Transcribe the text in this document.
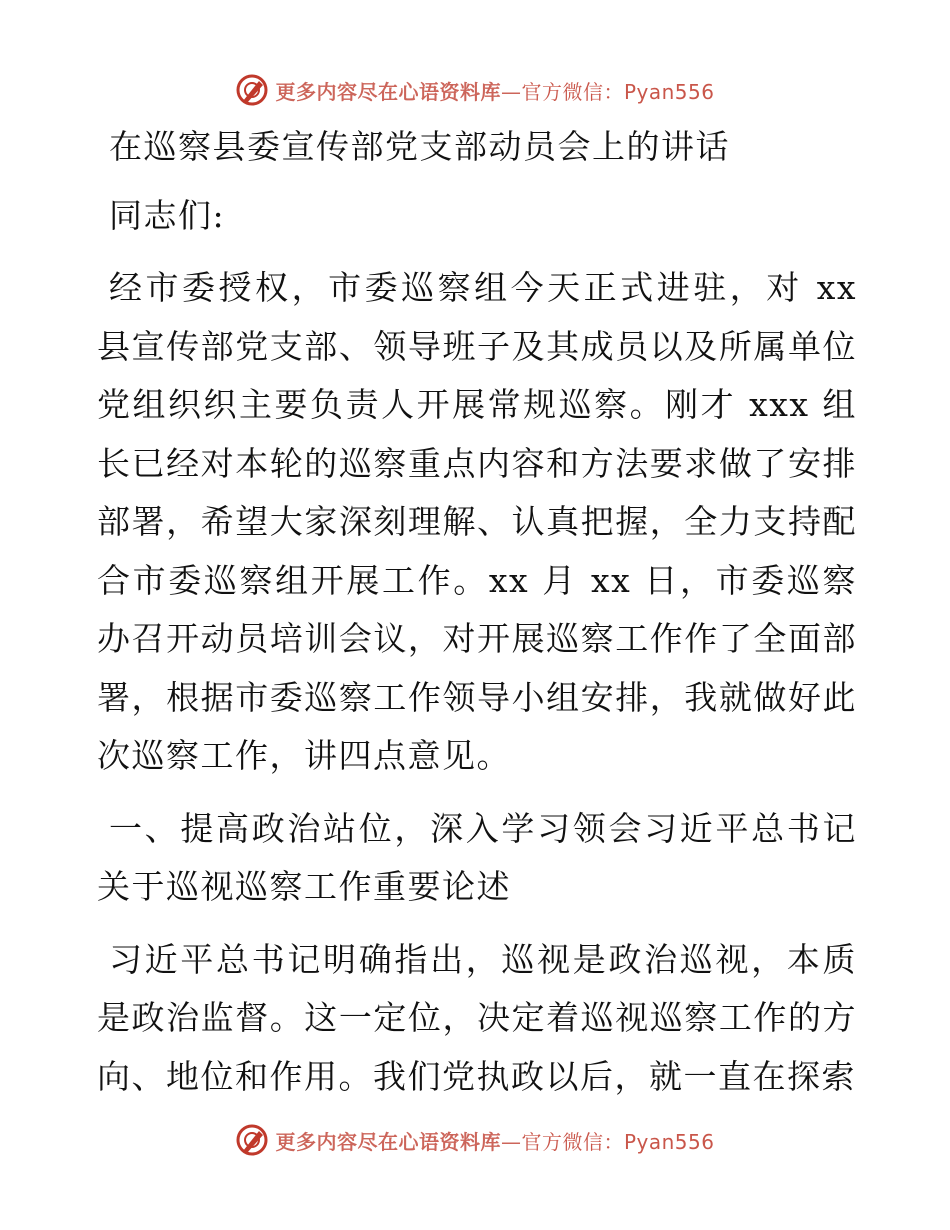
更多内容尽在心语资料库—官方微信：Pyan556

在巡察县委宣传部党支部动员会上的讲话

同志们:

经市委授权，市委巡察组今天正式进驻，对 xx 县宣传部党支部、领导班子及其成员以及所属单位党组织织主要负责人开展常规巡察。刚才 xxx 组长已经对本轮的巡察重点内容和方法要求做了安排部署，希望大家深刻理解、认真把握，全力支持配合市委巡察组开展工作。xx 月 xx 日，市委巡察办召开动员培训会议，对开展巡察工作作了全面部署，根据市委巡察工作领导小组安排，我就做好此次巡察工作，讲四点意见。

一、提高政治站位，深入学习领会习近平总书记关于巡视巡察工作重要论述

习近平总书记明确指出，巡视是政治巡视，本质是政治监督。这一定位，决定着巡视巡察工作的方向、地位和作用。我们党执政以后，就一直在探索

更多内容尽在心语资料库—官方微信：Pyan556
